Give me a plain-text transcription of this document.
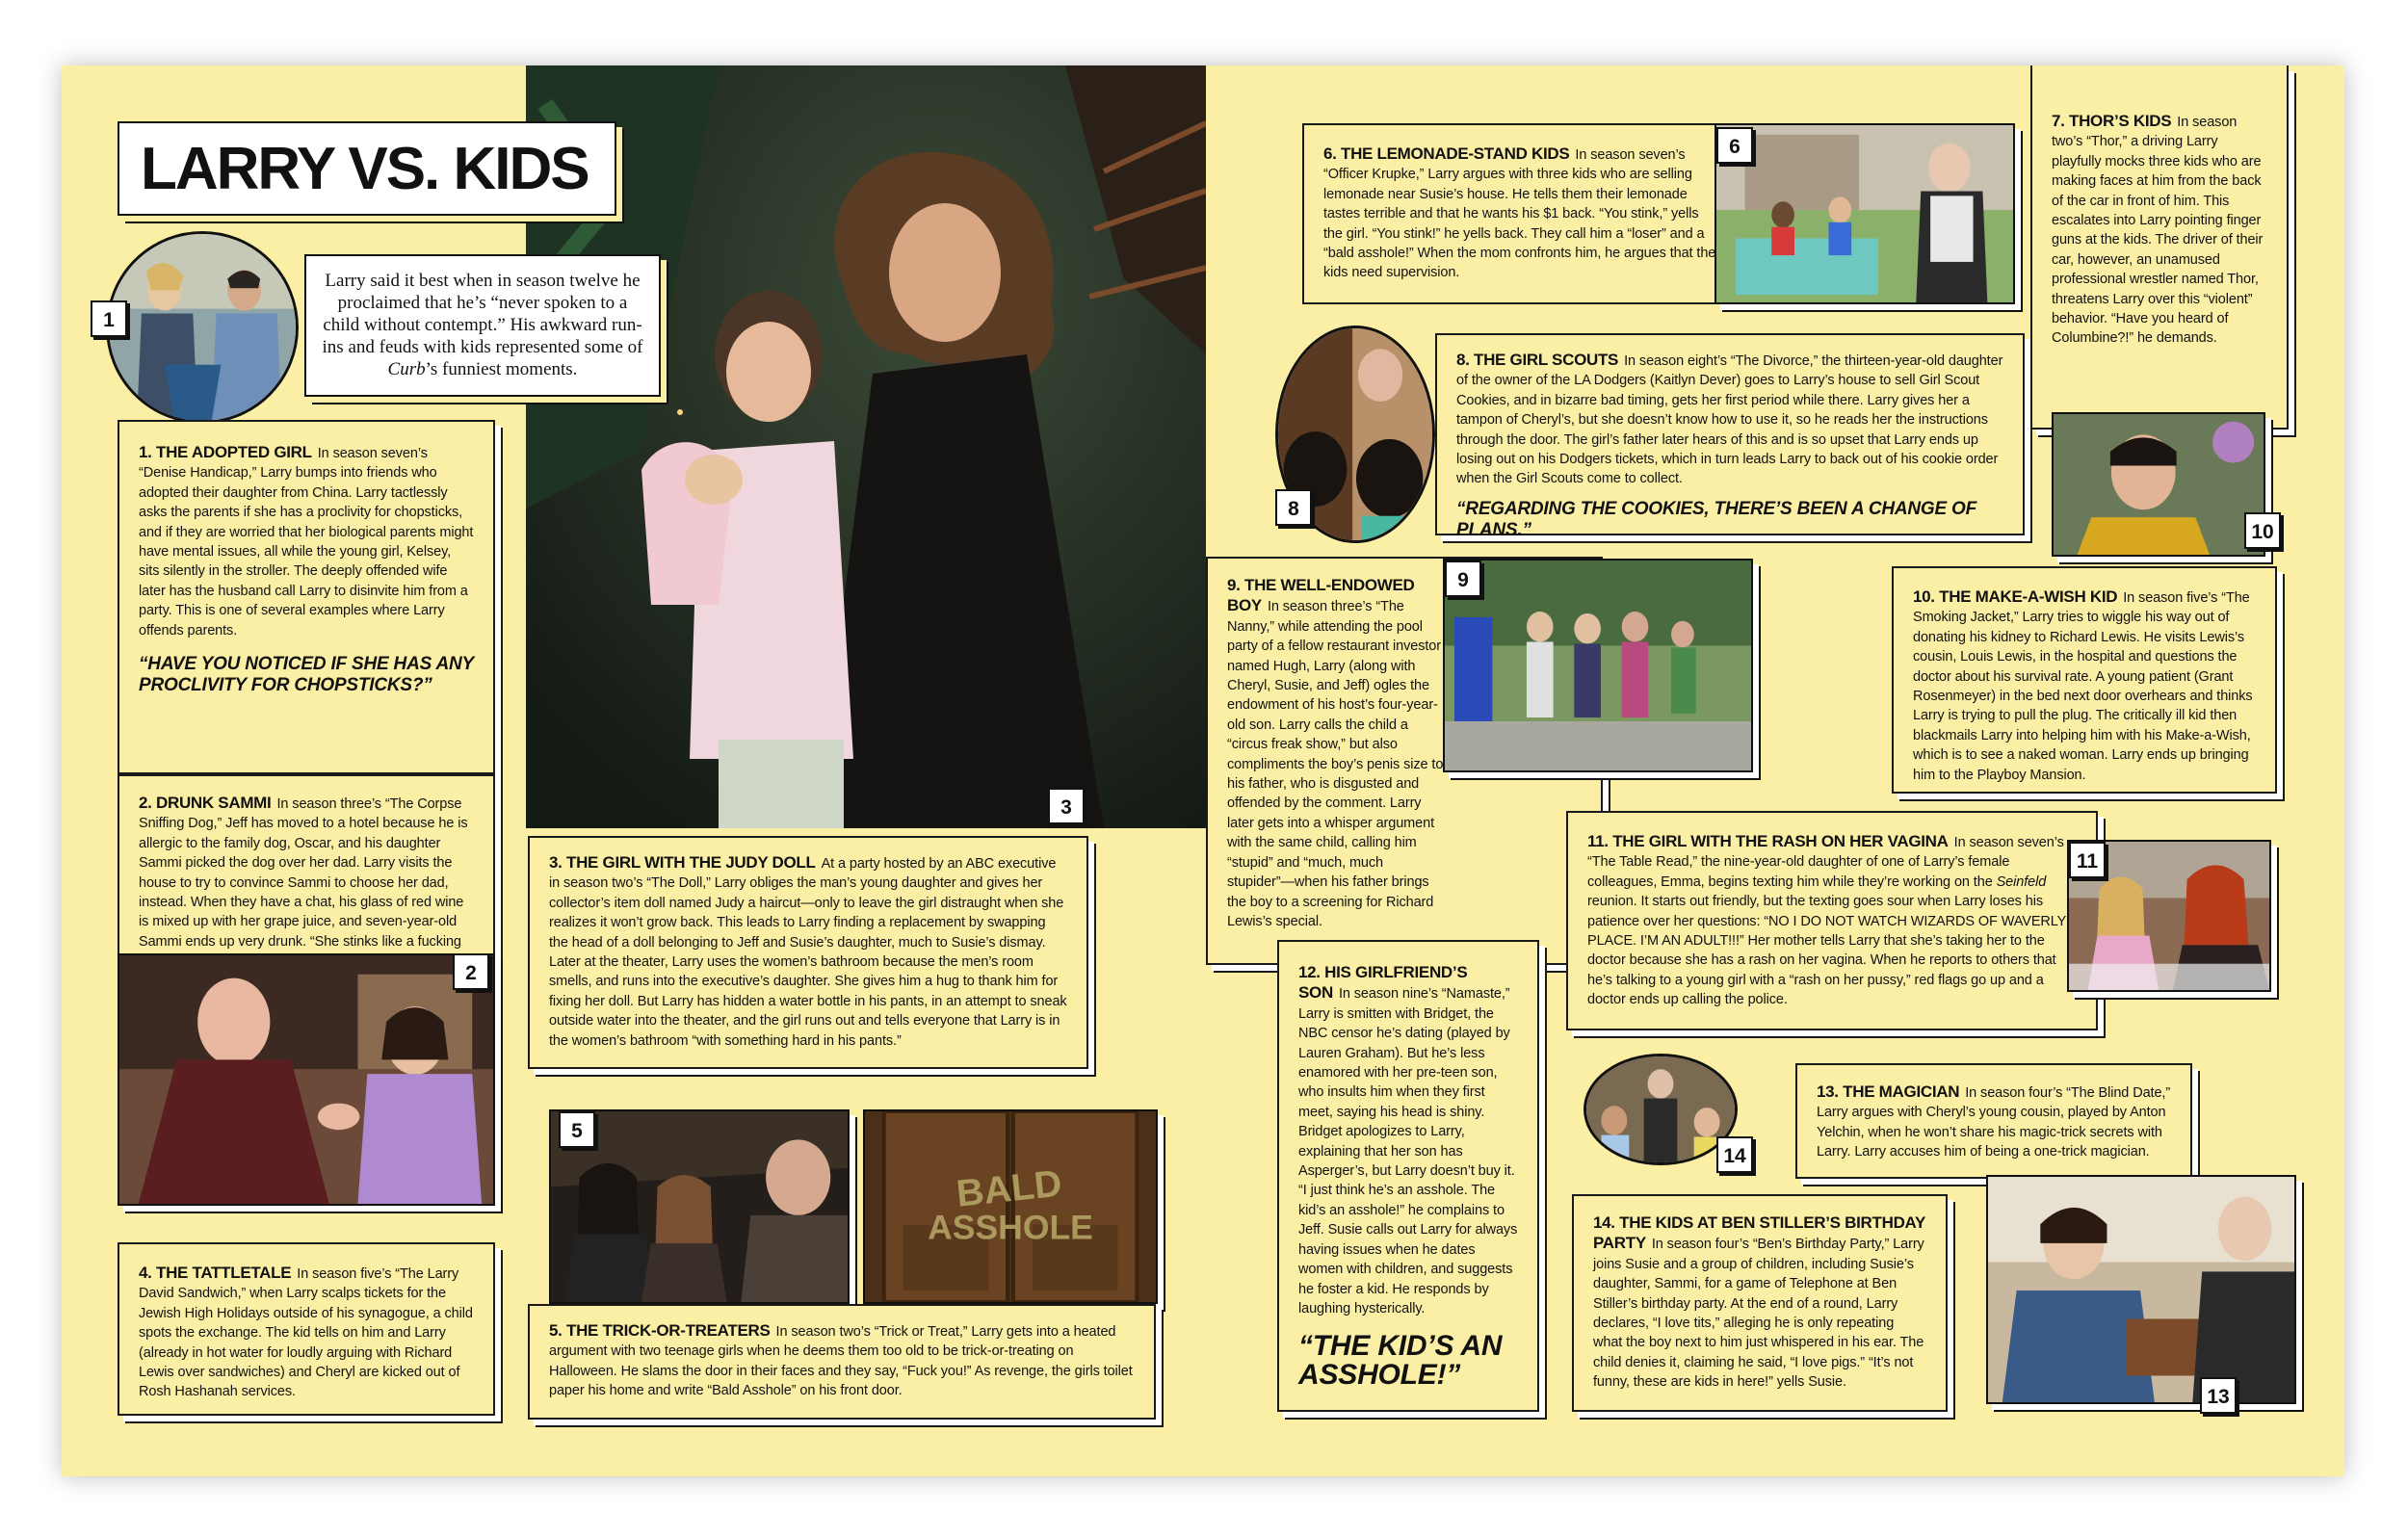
LARRY VS. KIDS
1
Larry said it best when in season twelve he proclaimed that he’s “never spoken to a child without contempt.” His awkward run-ins and feuds with kids represented some of Curb’s funniest moments.
1. THE ADOPTED GIRL In season seven’s “Denise Handicap,” Larry bumps into friends who adopted their daughter from China. Larry tactlessly asks the parents if she has a proclivity for chopsticks, and if they are worried that her biological parents might have mental issues, all while the young girl, Kelsey, sits silently in the stroller. The deeply offended wife later has the husband call Larry to disinvite him from a party. This is one of several examples where Larry offends parents.
“HAVE YOU NOTICED IF SHE HAS ANY PROCLIVITY FOR CHOPSTICKS?”
2. DRUNK SAMMI In season three’s “The Corpse Sniffing Dog,” Jeff has moved to a hotel because he is allergic to the family dog, Oscar, and his daughter Sammi picked the dog over her dad. Larry visits the house to try to convince Sammi to choose her dad, instead. When they have a chat, his glass of red wine is mixed up with her grape juice, and seven-year-old Sammi ends up very drunk. “She stinks like a fucking
2
4. THE TATTLETALE In season five’s “The Larry David Sandwich,” when Larry scalps tickets for the Jewish High Holidays outside of his synagogue, a child spots the exchange. The kid tells on him and Larry (already in hot water for loudly arguing with Richard Lewis over sandwiches) and Cheryl are kicked out of Rosh Hashanah services.
3
3. THE GIRL WITH THE JUDY DOLL At a party hosted by an ABC executive in season two’s “The Doll,” Larry obliges the man’s young daughter and gives her collector’s item doll named Judy a haircut—only to leave the girl distraught when she realizes it won’t grow back. This leads to Larry finding a replacement by swapping the head of a doll belonging to Jeff and Susie’s daughter, much to Susie’s dismay. Later at the theater, Larry uses the women’s bathroom because the men’s room smells, and runs into the executive’s daughter. She gives him a hug to thank him for fixing her doll. But Larry has hidden a water bottle in his pants, in an attempt to sneak outside water into the theater, and the girl runs out and tells everyone that Larry is in the women’s bathroom “with something hard in his pants.”
5
BALD
ASSHOLE
5. THE TRICK-OR-TREATERS In season two’s “Trick or Treat,” Larry gets into a heated argument with two teenage girls when he deems them too old to be trick-or-treating on Halloween. He slams the door in their faces and they say, “Fuck you!” As revenge, the girls toilet paper his home and write “Bald Asshole” on his front door.
6. THE LEMONADE-STAND KIDS In season seven’s “Officer Krupke,” Larry argues with three kids who are selling lemonade near Susie’s house. He tells them their lemonade tastes terrible and that he wants his $1 back. “You stink,” yells the girl. “You stink!” he yells back. They call him a “loser” and a “bald asshole!” When the mom confronts him, he argues that the kids need supervision.
6
7. THOR’S KIDS In season two’s “Thor,” a driving Larry playfully mocks three kids who are making faces at him from the back of the car in front of him. This escalates into Larry pointing finger guns at the kids. The driver of their car, however, an unamused professional wrestler named Thor, threatens Larry over this “violent” behavior. “Have you heard of Columbine?!” he demands.
8
8. THE GIRL SCOUTS In season eight’s “The Divorce,” the thirteen-year-old daughter of the owner of the LA Dodgers (Kaitlyn Dever) goes to Larry’s house to sell Girl Scout Cookies, and in bizarre bad timing, gets her first period while there. Larry gives her a tampon of Cheryl’s, but she doesn’t know how to use it, so he reads her the instructions through the door. The girl’s father later hears of this and is so upset that Larry ends up losing out on his Dodgers tickets, which in turn leads Larry to back out of his cookie order when the Girl Scouts come to collect.
“REGARDING THE COOKIES, THERE’S BEEN A CHANGE OF PLANS.”	10
9. THE WELL-ENDOWED BOY In season three’s “The Nanny,” while attending the pool party of a fellow restaurant investor named Hugh, Larry (along with Cheryl, Susie, and Jeff) ogles the endowment of his host’s four-year-old son. Larry calls the child a “circus freak show,” but also compliments the boy’s penis size to his father, who is disgusted and offended by the comment. Larry later gets into a whisper argument with the same child, calling him “stupid” and “much, much stupider”—when his father brings the boy to a screening for Richard Lewis’s special.
9
10. THE MAKE-A-WISH KID In season five’s “The Smoking Jacket,” Larry tries to wiggle his way out of donating his kidney to Richard Lewis. He visits Lewis’s cousin, Louis Lewis, in the hospital and questions the doctor about his survival rate. A young patient (Grant Rosenmeyer) in the bed next door overhears and thinks Larry is trying to pull the plug. The critically ill kid then blackmails Larry into helping him with his Make-a-Wish, which is to see a naked woman. Larry ends up bringing him to the Playboy Mansion.
11. THE GIRL WITH THE RASH ON HER VAGINA In season seven’s “The Table Read,” the nine-year-old daughter of one of Larry’s female colleagues, Emma, begins texting him while they’re working on the Seinfeld reunion. It starts out friendly, but the texting goes sour when Larry loses his patience over her questions: “NO I DO NOT WATCH WIZARDS OF WAVERLY PLACE. I’M AN ADULT!!!” Her mother tells Larry that she’s taking her to the doctor because she has a rash on her vagina. When he reports to others that he’s talking to a young girl with a “rash on her pussy,” red flags go up and a doctor ends up calling the police.
11
12. HIS GIRLFRIEND’S SON In season nine’s “Namaste,” Larry is smitten with Bridget, the NBC censor he’s dating (played by Lauren Graham). But he’s less enamored with her pre-teen son, who insults him when they first meet, saying his head is shiny. Bridget apologizes to Larry, explaining that her son has Asperger’s, but Larry doesn’t buy it. “I just think he’s an asshole. The kid’s an asshole!” he complains to Jeff. Susie calls out Larry for always having issues when he dates women with children, and suggests he foster a kid. He responds by laughing hysterically.
“THE KID’S AN ASSHOLE!”
14
13. THE MAGICIAN In season four’s “The Blind Date,” Larry argues with Cheryl’s young cousin, played by Anton Yelchin, when he won’t share his magic-trick secrets with Larry. Larry accuses him of being a one-trick magician.
14. THE KIDS AT BEN STILLER’S BIRTHDAY PARTY In season four’s “Ben’s Birthday Party,” Larry joins Susie and a group of children, including Susie’s daughter, Sammi, for a game of Telephone at Ben Stiller’s birthday party. At the end of a round, Larry declares, “I love tits,” alleging he is only repeating what the boy next to him just whispered in his ear. The child denies it, claiming he said, “I love pigs.” “It’s not funny, these are kids in here!” yells Susie.
13
